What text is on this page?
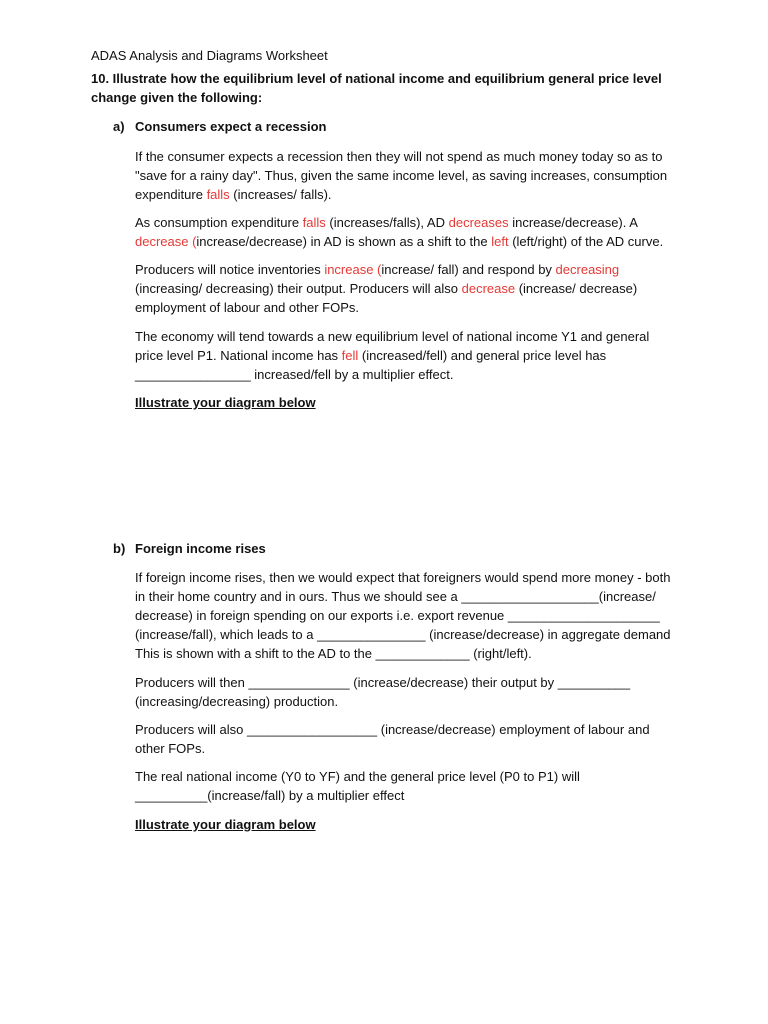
ADAS Analysis and Diagrams Worksheet

10. Illustrate how the equilibrium level of national income and equilibrium general price level change given the following:

a) Consumers expect a recession

If the consumer expects a recession then they will not spend as much money today so as to "save for a rainy day". Thus, given the same income level, as saving increases, consumption expenditure falls (increases/ falls).

As consumption expenditure falls (increases/falls), AD decreases increase/decrease). A decrease (increase/decrease) in AD is shown as a shift to the left (left/right) of the AD curve.

Producers will notice inventories increase (increase/ fall) and respond by decreasing (increasing/ decreasing) their output. Producers will also decrease (increase/ decrease) employment of labour and other FOPs.

The economy will tend towards a new equilibrium level of national income Y1 and general price level P1. National income has fell (increased/fell) and general price level has ________________ increased/fell by a multiplier effect.

Illustrate your diagram below
b) Foreign income rises

If foreign income rises, then we would expect that foreigners would spend more money - both in their home country and in ours. Thus we should see a ___________________(increase/ decrease) in foreign spending on our exports i.e. export revenue _____________________ (increase/fall), which leads to a _______________ (increase/decrease) in aggregate demand This is shown with a shift to the AD to the _____________ (right/left).

Producers will then ______________ (increase/decrease) their output by __________ (increasing/decreasing) production.

Producers will also __________________ (increase/decrease) employment of labour and other FOPs.

The real national income (Y0 to YF) and the general price level (P0 to P1) will __________(increase/fall) by a multiplier effect

Illustrate your diagram below
